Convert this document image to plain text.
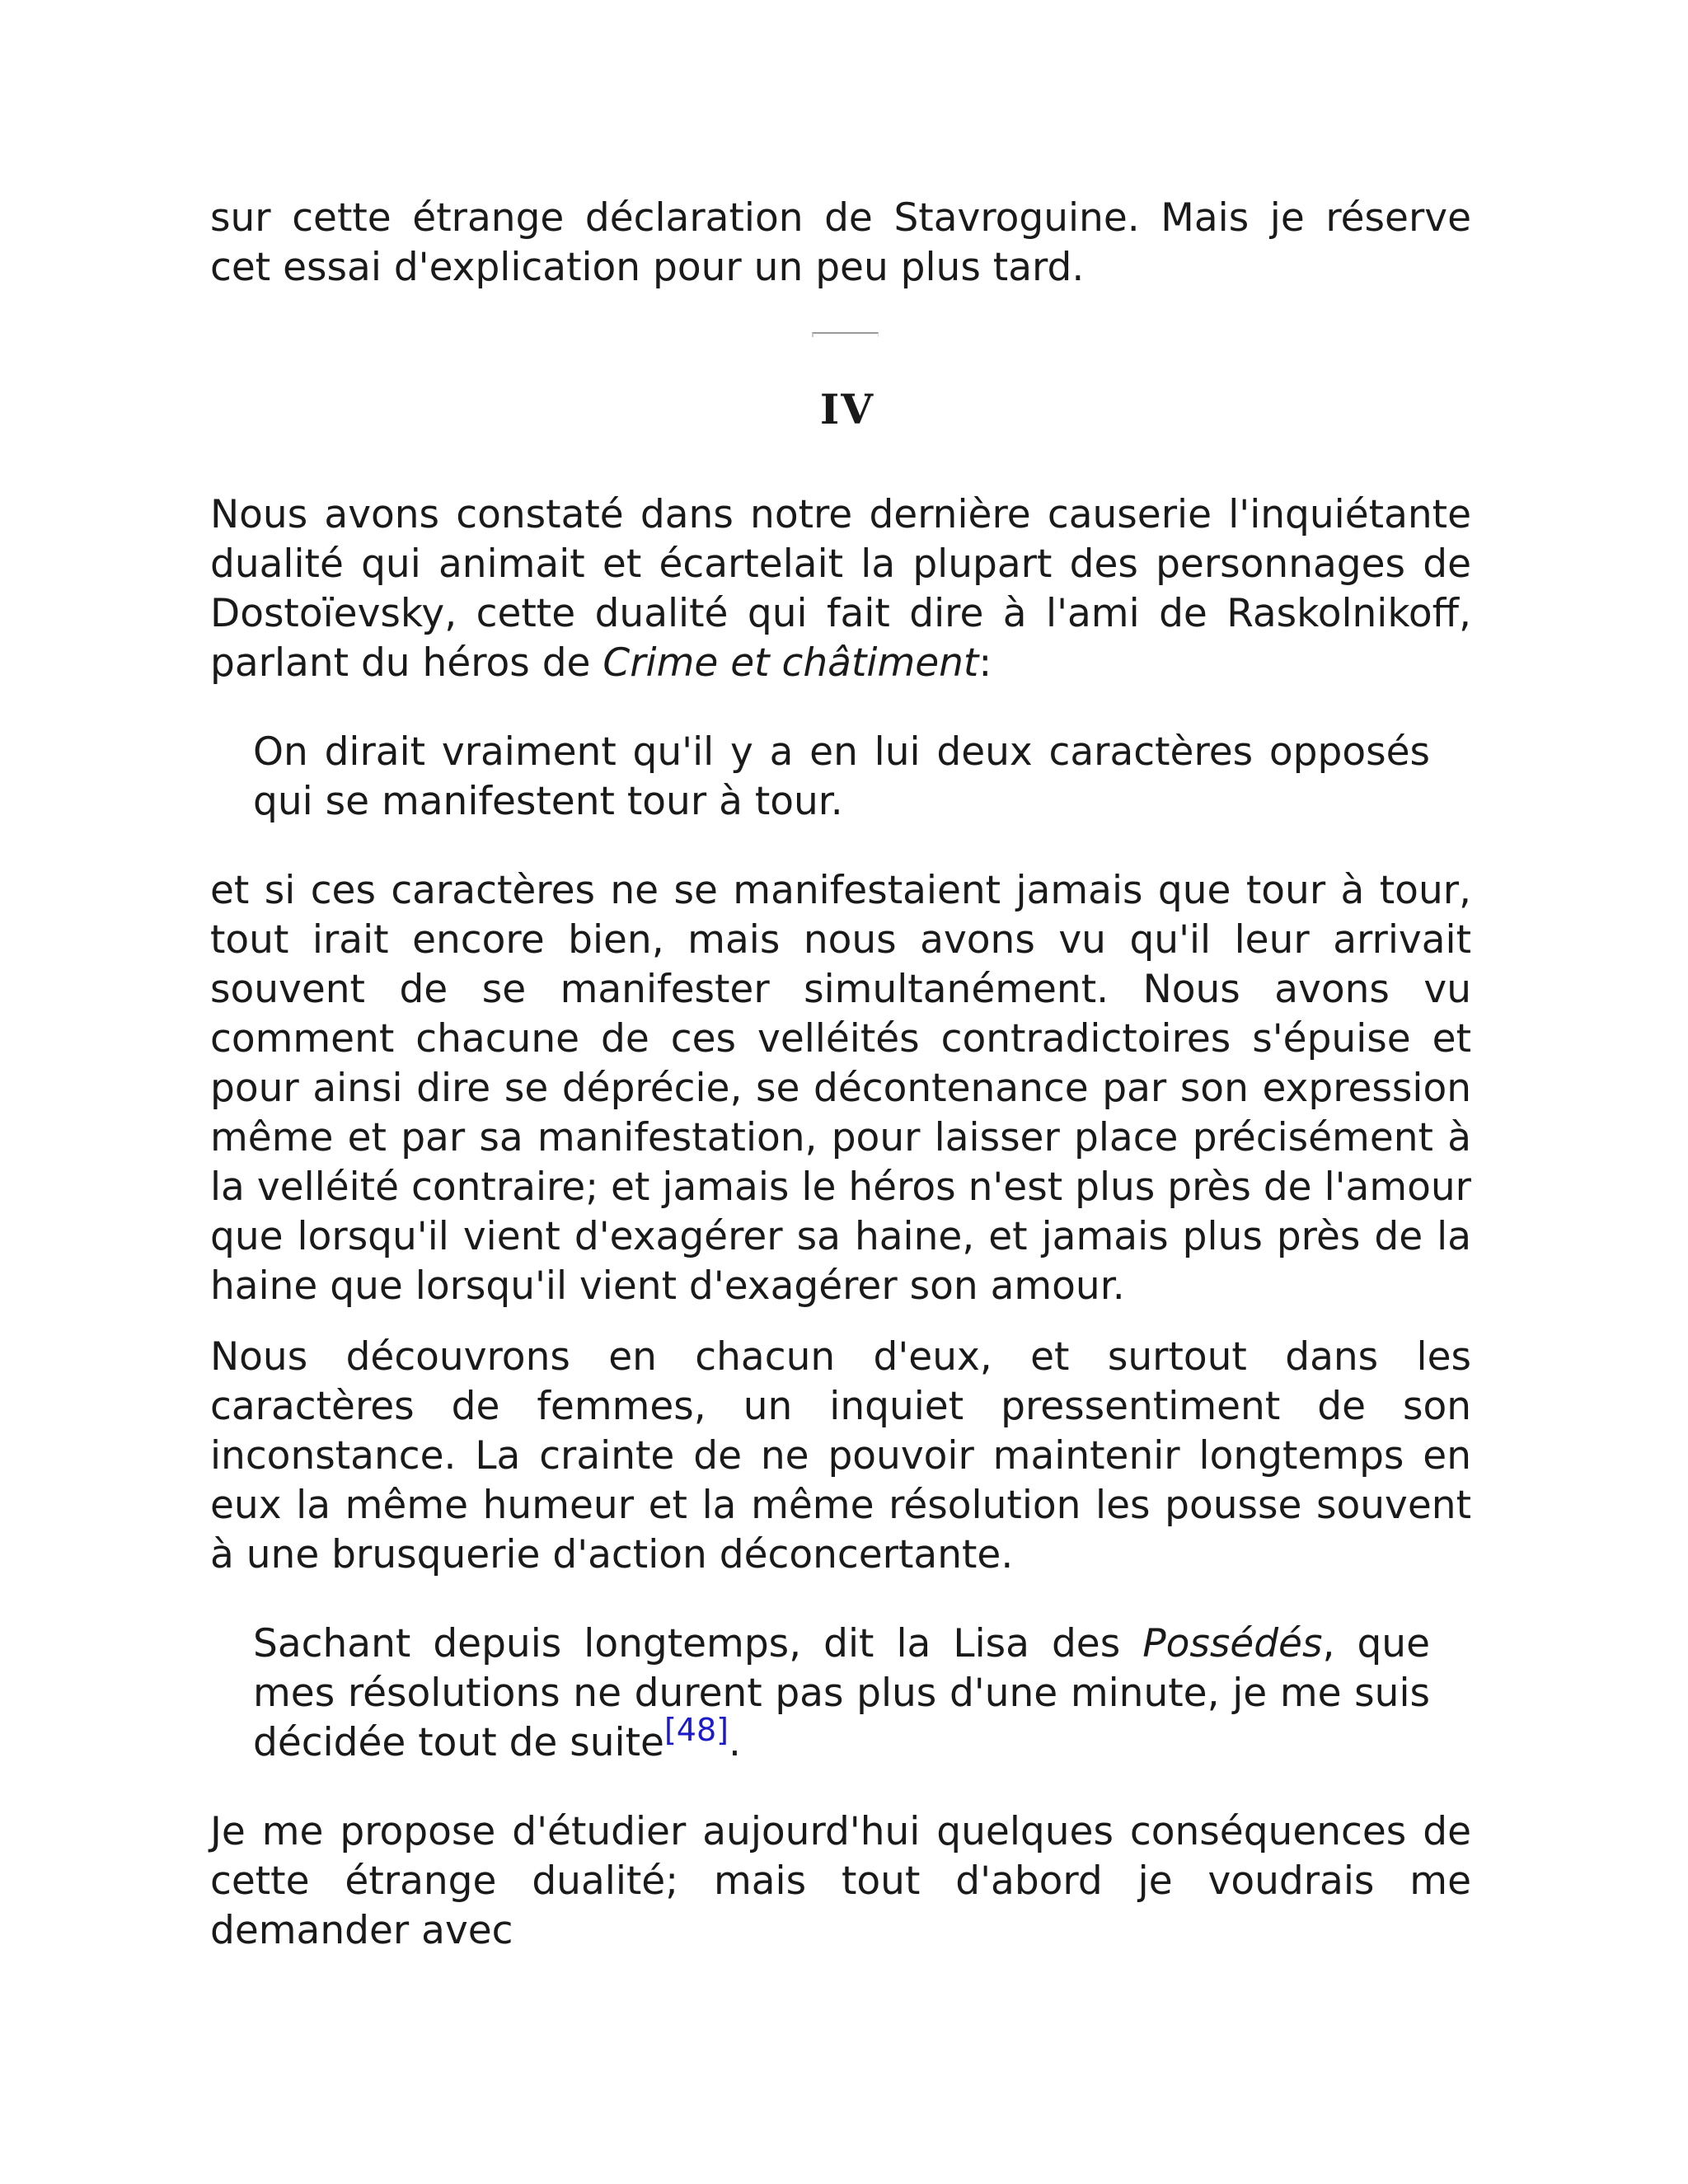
sur cette étrange déclaration de Stavroguine. Mais je réserve cet essai d'explication pour un peu plus tard.

IV

Nous avons constaté dans notre dernière causerie l'inquiétante dualité qui animait et écartelait la plupart des personnages de Dostoïevsky, cette dualité qui fait dire à l'ami de Raskolnikoff, parlant du héros de Crime et châtiment:

On dirait vraiment qu'il y a en lui deux caractères opposés qui se manifestent tour à tour.

et si ces caractères ne se manifestaient jamais que tour à tour, tout irait encore bien, mais nous avons vu qu'il leur arrivait souvent de se manifester simultanément. Nous avons vu comment chacune de ces velléités contradictoires s'épuise et pour ainsi dire se déprécie, se décontenance par son expression même et par sa manifestation, pour laisser place précisément à la velléité contraire; et jamais le héros n'est plus près de l'amour que lorsqu'il vient d'exagérer sa haine, et jamais plus près de la haine que lorsqu'il vient d'exagérer son amour.

Nous découvrons en chacun d'eux, et surtout dans les caractères de femmes, un inquiet pressentiment de son inconstance. La crainte de ne pouvoir maintenir longtemps en eux la même humeur et la même résolution les pousse souvent à une brusquerie d'action déconcertante.

Sachant depuis longtemps, dit la Lisa des Possédés, que mes résolutions ne durent pas plus d'une minute, je me suis décidée tout de suite[48].

Je me propose d'étudier aujourd'hui quelques conséquences de cette étrange dualité; mais tout d'abord je voudrais me demander avec
